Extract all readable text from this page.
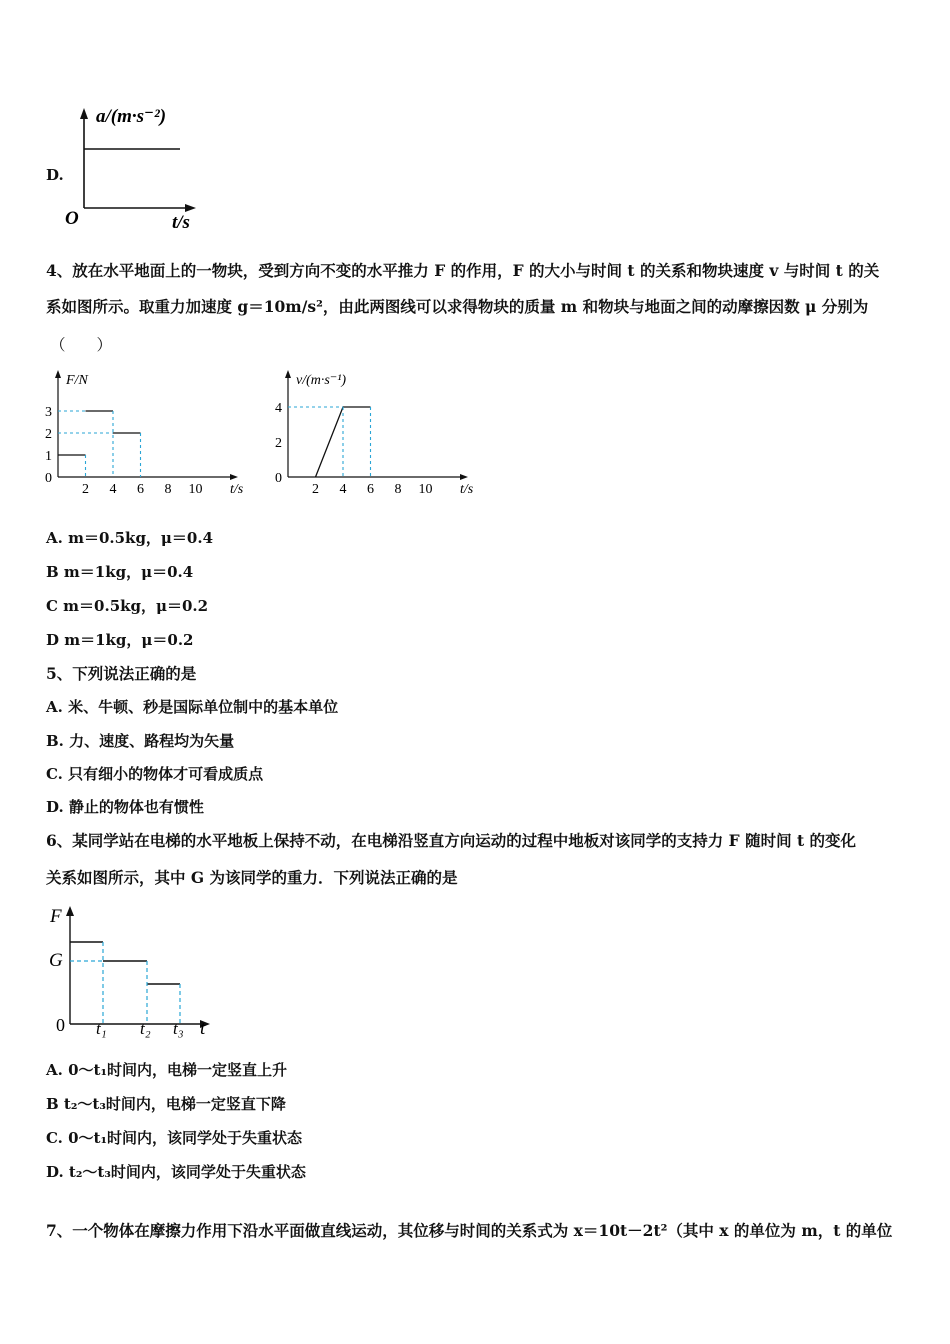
D.
a/(m·s⁻²)
O	t/s
4、放在水平地面上的一物块，受到方向不变的水平推力 F 的作用，F 的大小与时间 t 的关系和物块速度 v 与时间 t 的关
系如图所示。取重力加速度 g＝10m/s²，由此两图线可以求得物块的质量 m 和物块与地面之间的动摩擦因数 μ 分别为
（　　）
F/N
t/s
2 4 6 8 10
0
1
2
3
v/(m·s⁻¹)
t/s
2 4 6 8 10
0
2
4
A. m＝0.5kg，μ＝0.4
B m＝1kg，μ＝0.4
C m＝0.5kg，μ＝0.2
D m＝1kg，μ＝0.2
5、下列说法正确的是
A. 米、牛顿、秒是国际单位制中的基本单位
B. 力、速度、路程均为矢量
C. 只有细小的物体才可看成质点
D. 静止的物体也有惯性
6、某同学站在电梯的水平地板上保持不动，在电梯沿竖直方向运动的过程中地板对该同学的支持力 F 随时间 t 的变化
关系如图所示，其中 G 为该同学的重力．下列说法正确的是
F
G
0 t₁ t₂ t₃ t
A. 0～t₁时间内，电梯一定竖直上升
B t₂～t₃时间内，电梯一定竖直下降
C. 0～t₁时间内，该同学处于失重状态
D. t₂～t₃时间内，该同学处于失重状态
7、一个物体在摩擦力作用下沿水平面做直线运动，其位移与时间的关系式为 x＝10t－2t²（其中 x 的单位为 m，t 的单位
